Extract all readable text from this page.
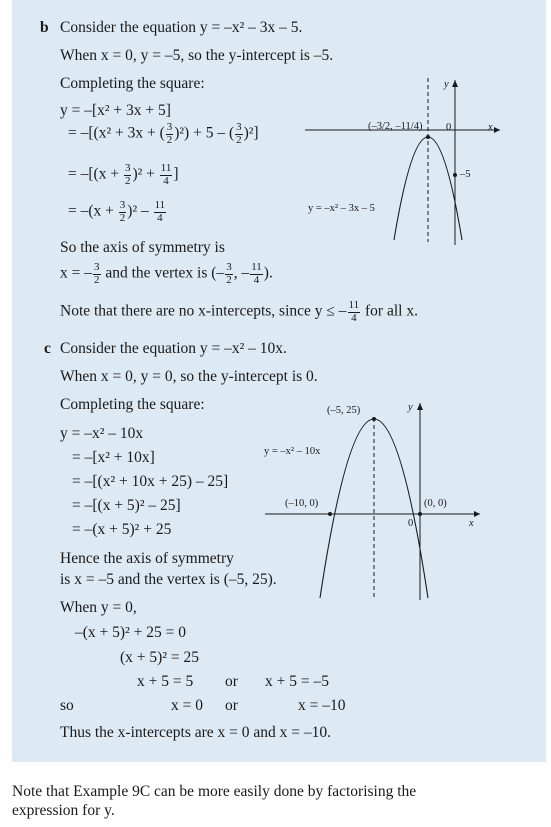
b Consider the equation y = –x² – 3x – 5.
When x = 0, y = –5, so the y-intercept is –5.
Completing the square:
y = –[x² + 3x + 5]
= –[(x² + 3x + ( $\frac{3}{2} )^2) + 5$ – ( $\frac{3}{2} )^2$]
= $-[(x + \frac{3}{2} )^2 + \frac{11}{4}$ ]
= $-(x + \frac{3}{2} )^2 - \frac{11}{4}$
So the axis of symmetry is
x = – $\frac{3}{2}$ and the vertex is (– $\frac{3}{2}$ , – $\frac{11}{4}$ ).
Note that there are no x-intercepts, since y ≤ – $\frac{11}{4}$ for all x.
(–3/2, –11/4) 0	x
y
–5
y = –x² – 3x – 5
c Consider the equation y = –x² – 10x.
When x = 0, y = 0, so the y-intercept is 0.
Completing the square:
y = –x² – 10x
= –[x² + 10x]
= –[(x² + 10x + 25) – 25]
= –[(x + 5)² – 25]
= –(x + 5)² + 25
Hence the axis of symmetry
is x = –5 and the vertex is (–5, 25).
When y = 0,
–(x + 5)² + 25 = 0
(x + 5)² = 25
x + 5 = 5 or x + 5 = –5
so	x = 0 or	x = –10
Thus the x-intercepts are x = 0 and x = –10.
(–5, 25)
(–10, 0)	(0, 0)
0	x
y
y = –x² – 10x
Note that Example 9C can be more easily done by factorising the expression for y.
